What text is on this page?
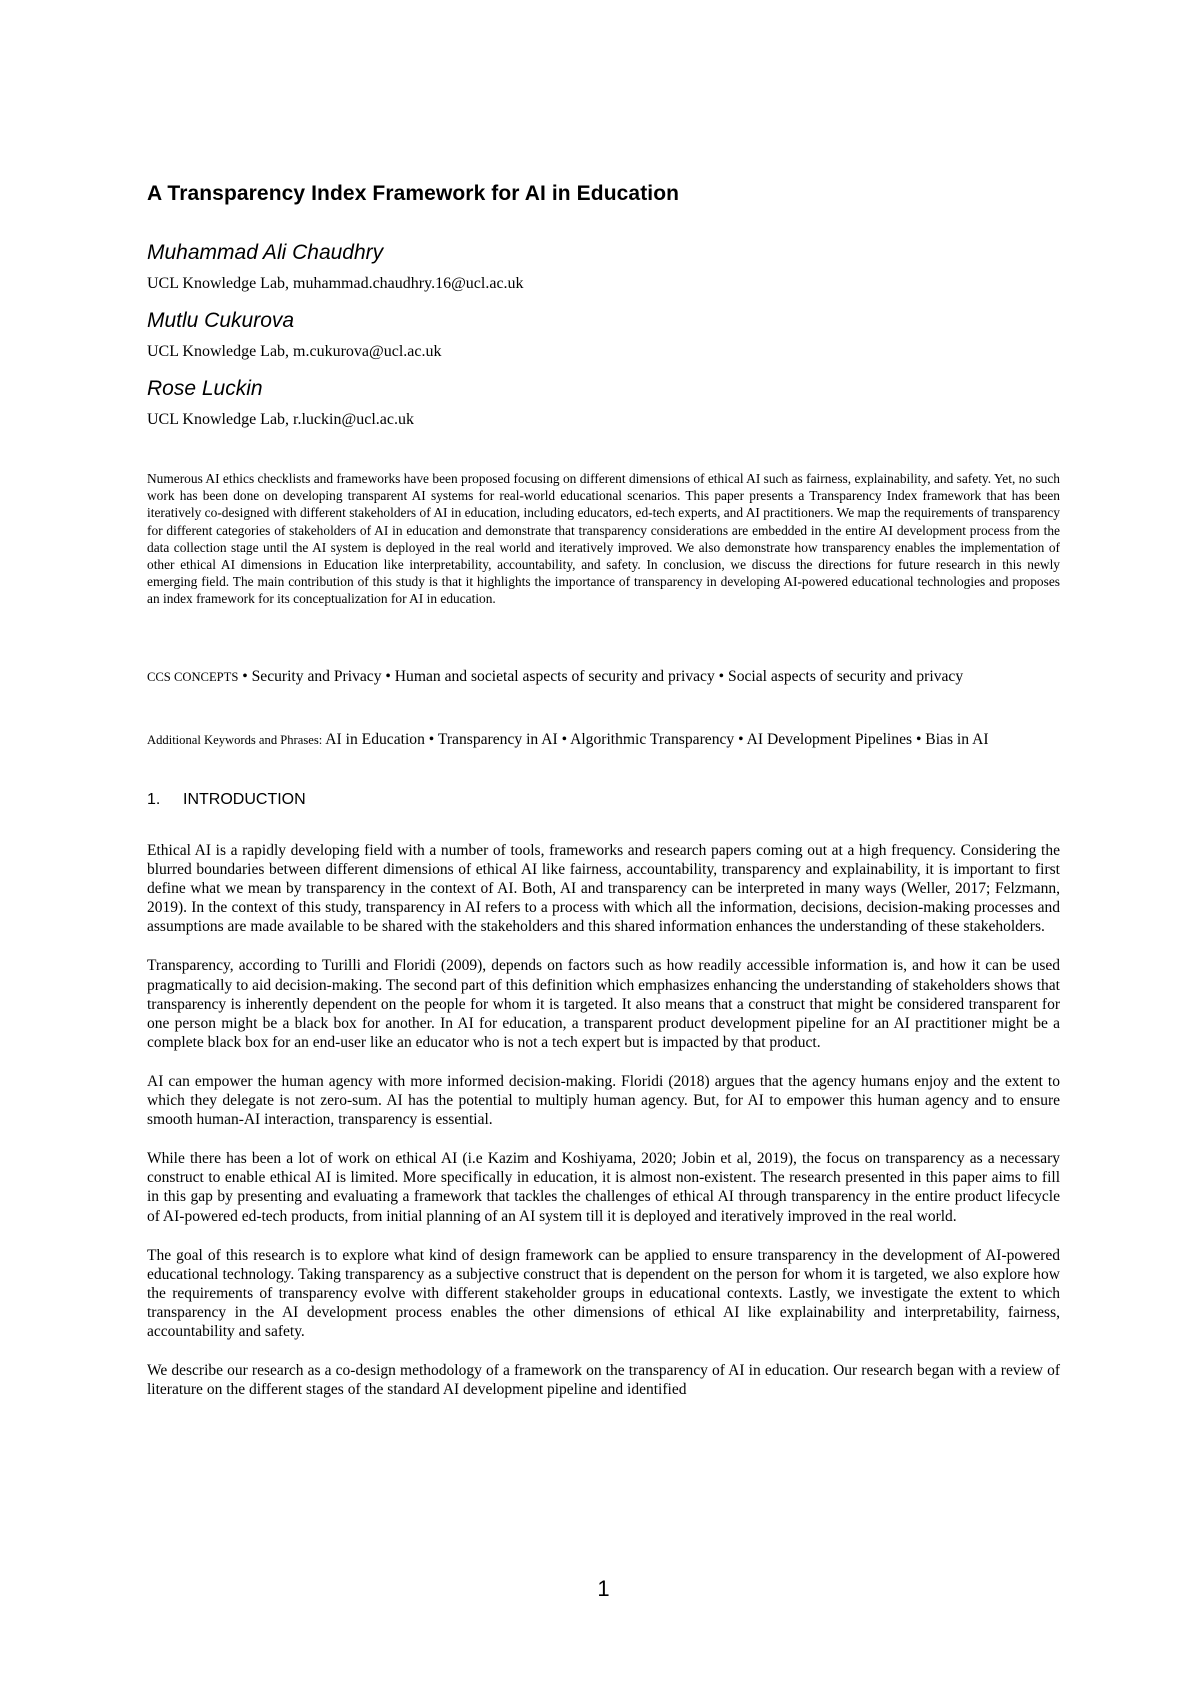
A Transparency Index Framework for AI in Education
Muhammad Ali Chaudhry
UCL Knowledge Lab, muhammad.chaudhry.16@ucl.ac.uk
Mutlu Cukurova
UCL Knowledge Lab, m.cukurova@ucl.ac.uk
Rose Luckin
UCL Knowledge Lab, r.luckin@ucl.ac.uk

Numerous AI ethics checklists and frameworks have been proposed focusing on different dimensions of ethical AI such as fairness, explainability, and safety. Yet, no such work has been done on developing transparent AI systems for real-world educational scenarios. This paper presents a Transparency Index framework that has been iteratively co-designed with different stakeholders of AI in education, including educators, ed-tech experts, and AI practitioners. We map the requirements of transparency for different categories of stakeholders of AI in education and demonstrate that transparency considerations are embedded in the entire AI development process from the data collection stage until the AI system is deployed in the real world and iteratively improved. We also demonstrate how transparency enables the implementation of other ethical AI dimensions in Education like interpretability, accountability, and safety. In conclusion, we discuss the directions for future research in this newly emerging field. The main contribution of this study is that it highlights the importance of transparency in developing AI-powered educational technologies and proposes an index framework for its conceptualization for AI in education.

CCS CONCEPTS • Security and Privacy • Human and societal aspects of security and privacy • Social aspects of security and privacy

Additional Keywords and Phrases: AI in Education • Transparency in AI • Algorithmic Transparency • AI Development Pipelines • Bias in AI

1. INTRODUCTION

Ethical AI is a rapidly developing field with a number of tools, frameworks and research papers coming out at a high frequency. Considering the blurred boundaries between different dimensions of ethical AI like fairness, accountability, transparency and explainability, it is important to first define what we mean by transparency in the context of AI. Both, AI and transparency can be interpreted in many ways (Weller, 2017; Felzmann, 2019). In the context of this study, transparency in AI refers to a process with which all the information, decisions, decision-making processes and assumptions are made available to be shared with the stakeholders and this shared information enhances the understanding of these stakeholders.

Transparency, according to Turilli and Floridi (2009), depends on factors such as how readily accessible information is, and how it can be used pragmatically to aid decision-making. The second part of this definition which emphasizes enhancing the understanding of stakeholders shows that transparency is inherently dependent on the people for whom it is targeted. It also means that a construct that might be considered transparent for one person might be a black box for another. In AI for education, a transparent product development pipeline for an AI practitioner might be a complete black box for an end-user like an educator who is not a tech expert but is impacted by that product.

AI can empower the human agency with more informed decision-making. Floridi (2018) argues that the agency humans enjoy and the extent to which they delegate is not zero-sum. AI has the potential to multiply human agency. But, for AI to empower this human agency and to ensure smooth human-AI interaction, transparency is essential.

While there has been a lot of work on ethical AI (i.e Kazim and Koshiyama, 2020; Jobin et al, 2019), the focus on transparency as a necessary construct to enable ethical AI is limited. More specifically in education, it is almost non-existent. The research presented in this paper aims to fill in this gap by presenting and evaluating a framework that tackles the challenges of ethical AI through transparency in the entire product lifecycle of AI-powered ed-tech products, from initial planning of an AI system till it is deployed and iteratively improved in the real world.

The goal of this research is to explore what kind of design framework can be applied to ensure transparency in the development of AI-powered educational technology. Taking transparency as a subjective construct that is dependent on the person for whom it is targeted, we also explore how the requirements of transparency evolve with different stakeholder groups in educational contexts. Lastly, we investigate the extent to which transparency in the AI development process enables the other dimensions of ethical AI like explainability and interpretability, fairness, accountability and safety.

We describe our research as a co-design methodology of a framework on the transparency of AI in education. Our research began with a review of literature on the different stages of the standard AI development pipeline and identified

1
